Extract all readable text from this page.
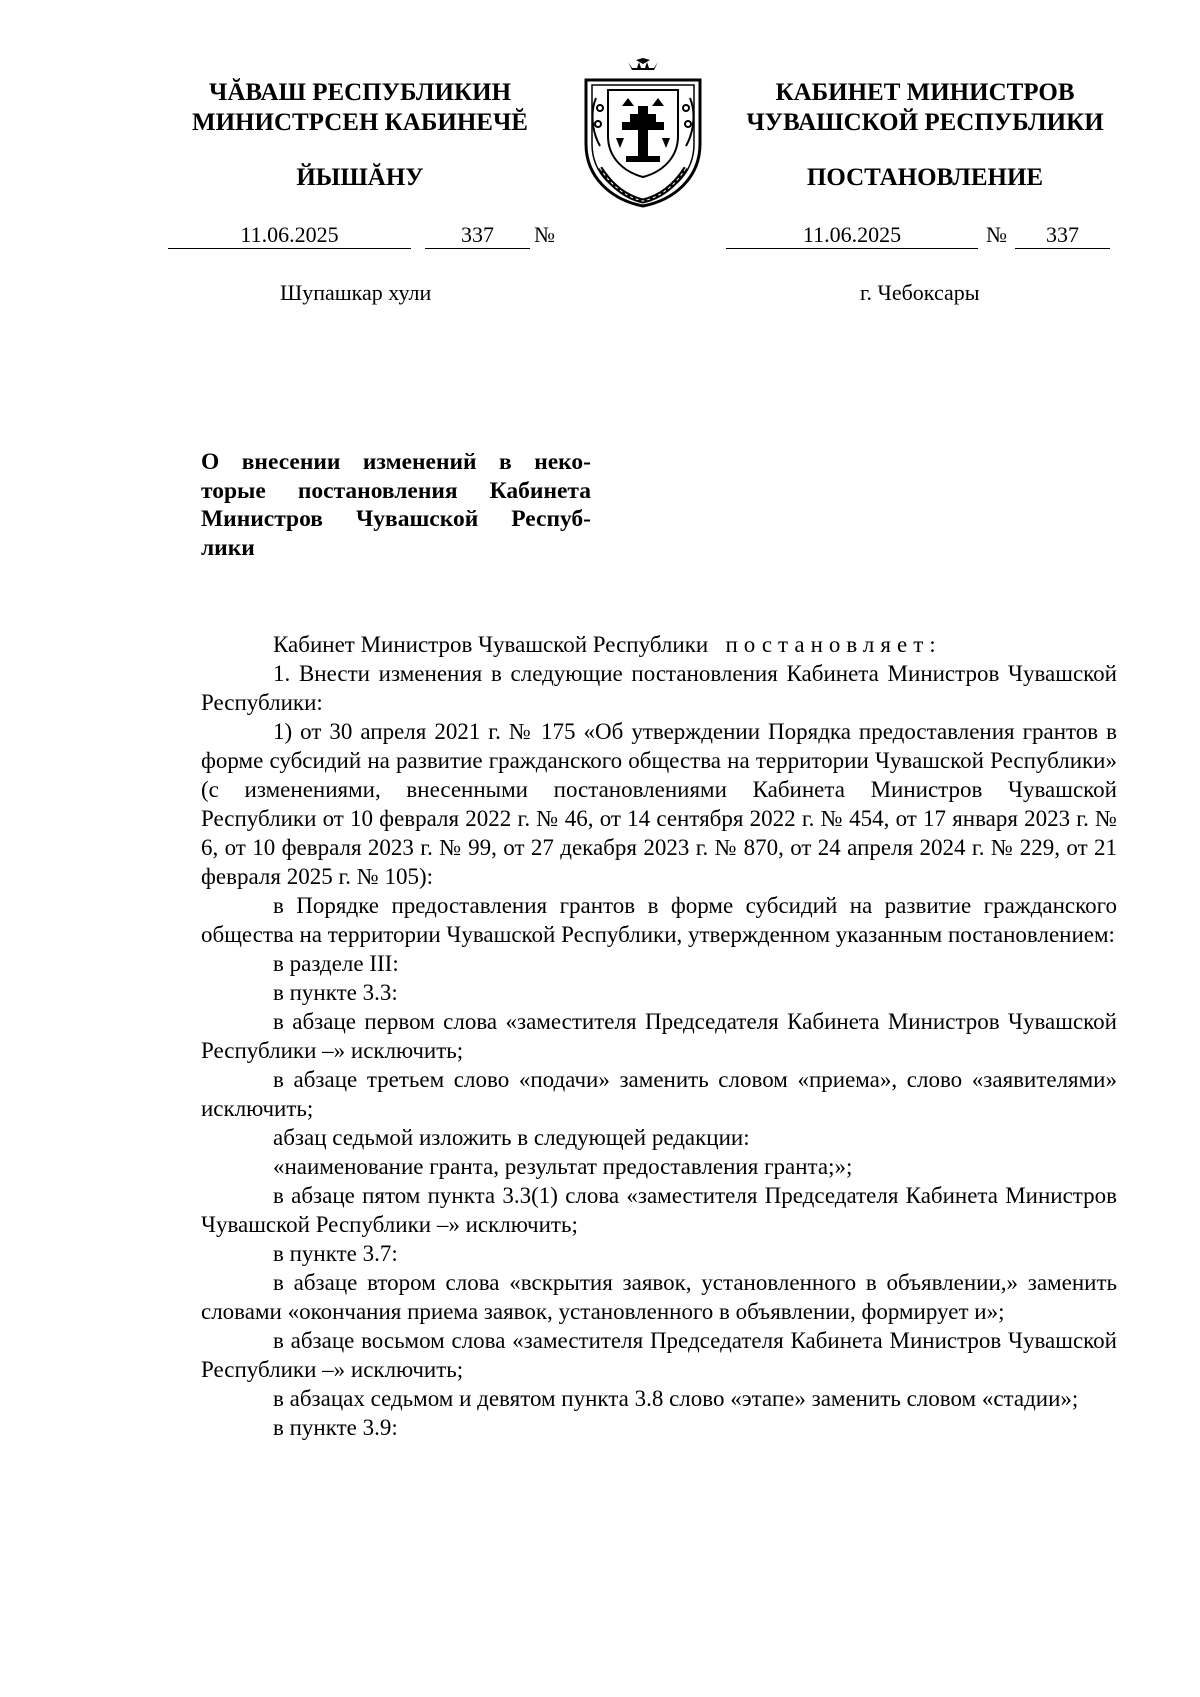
ЧĂВАШ РЕСПУБЛИКИН
МИНИСТРСЕН КАБИНЕЧĔ
ЙЫШĂНУ
КАБИНЕТ МИНИСТРОВ
ЧУВАШСКОЙ РЕСПУБЛИКИ
ПОСТАНОВЛЕНИЕ
11.06.2025	337	№	11.06.2025	№	337
Шупашкар хули	г. Чебоксары
О внесении изменений в неко-
торые постановления Кабинета
Министров Чувашской Респуб-
лики

Кабинет Министров Чувашской Республики постановляет:

1. Внести изменения в следующие постановления Кабинета Министров Чувашской Республики:

1) от 30 апреля 2021 г. № 175 «Об утверждении Порядка предоставления грантов в форме субсидий на развитие гражданского общества на территории Чувашской Республики» (с изменениями, внесенными постановлениями Кабинета Министров Чувашской Республики от 10 февраля 2022 г. № 46, от 14 сентября 2022 г. № 454, от 17 января 2023 г. № 6, от 10 февраля 2023 г. № 99, от 27 декабря 2023 г. № 870, от 24 апреля 2024 г. № 229, от 21 февраля 2025 г. № 105):

в Порядке предоставления грантов в форме субсидий на развитие гражданского общества на территории Чувашской Республики, утвержденном указанным постановлением:

в разделе III:

в пункте 3.3:

в абзаце первом слова «заместителя Председателя Кабинета Министров Чувашской Республики –» исключить;

в абзаце третьем слово «подачи» заменить словом «приема», слово «заявителями» исключить;

абзац седьмой изложить в следующей редакции:

«наименование гранта, результат предоставления гранта;»;

в абзаце пятом пункта 3.3(1) слова «заместителя Председателя Кабинета Министров Чувашской Республики –» исключить;

в пункте 3.7:

в абзаце втором слова «вскрытия заявок, установленного в объявлении,» заменить словами «окончания приема заявок, установленного в объявлении, формирует и»;

в абзаце восьмом слова «заместителя Председателя Кабинета Министров Чувашской Республики –» исключить;

в абзацах седьмом и девятом пункта 3.8 слово «этапе» заменить словом «стадии»;

в пункте 3.9:
